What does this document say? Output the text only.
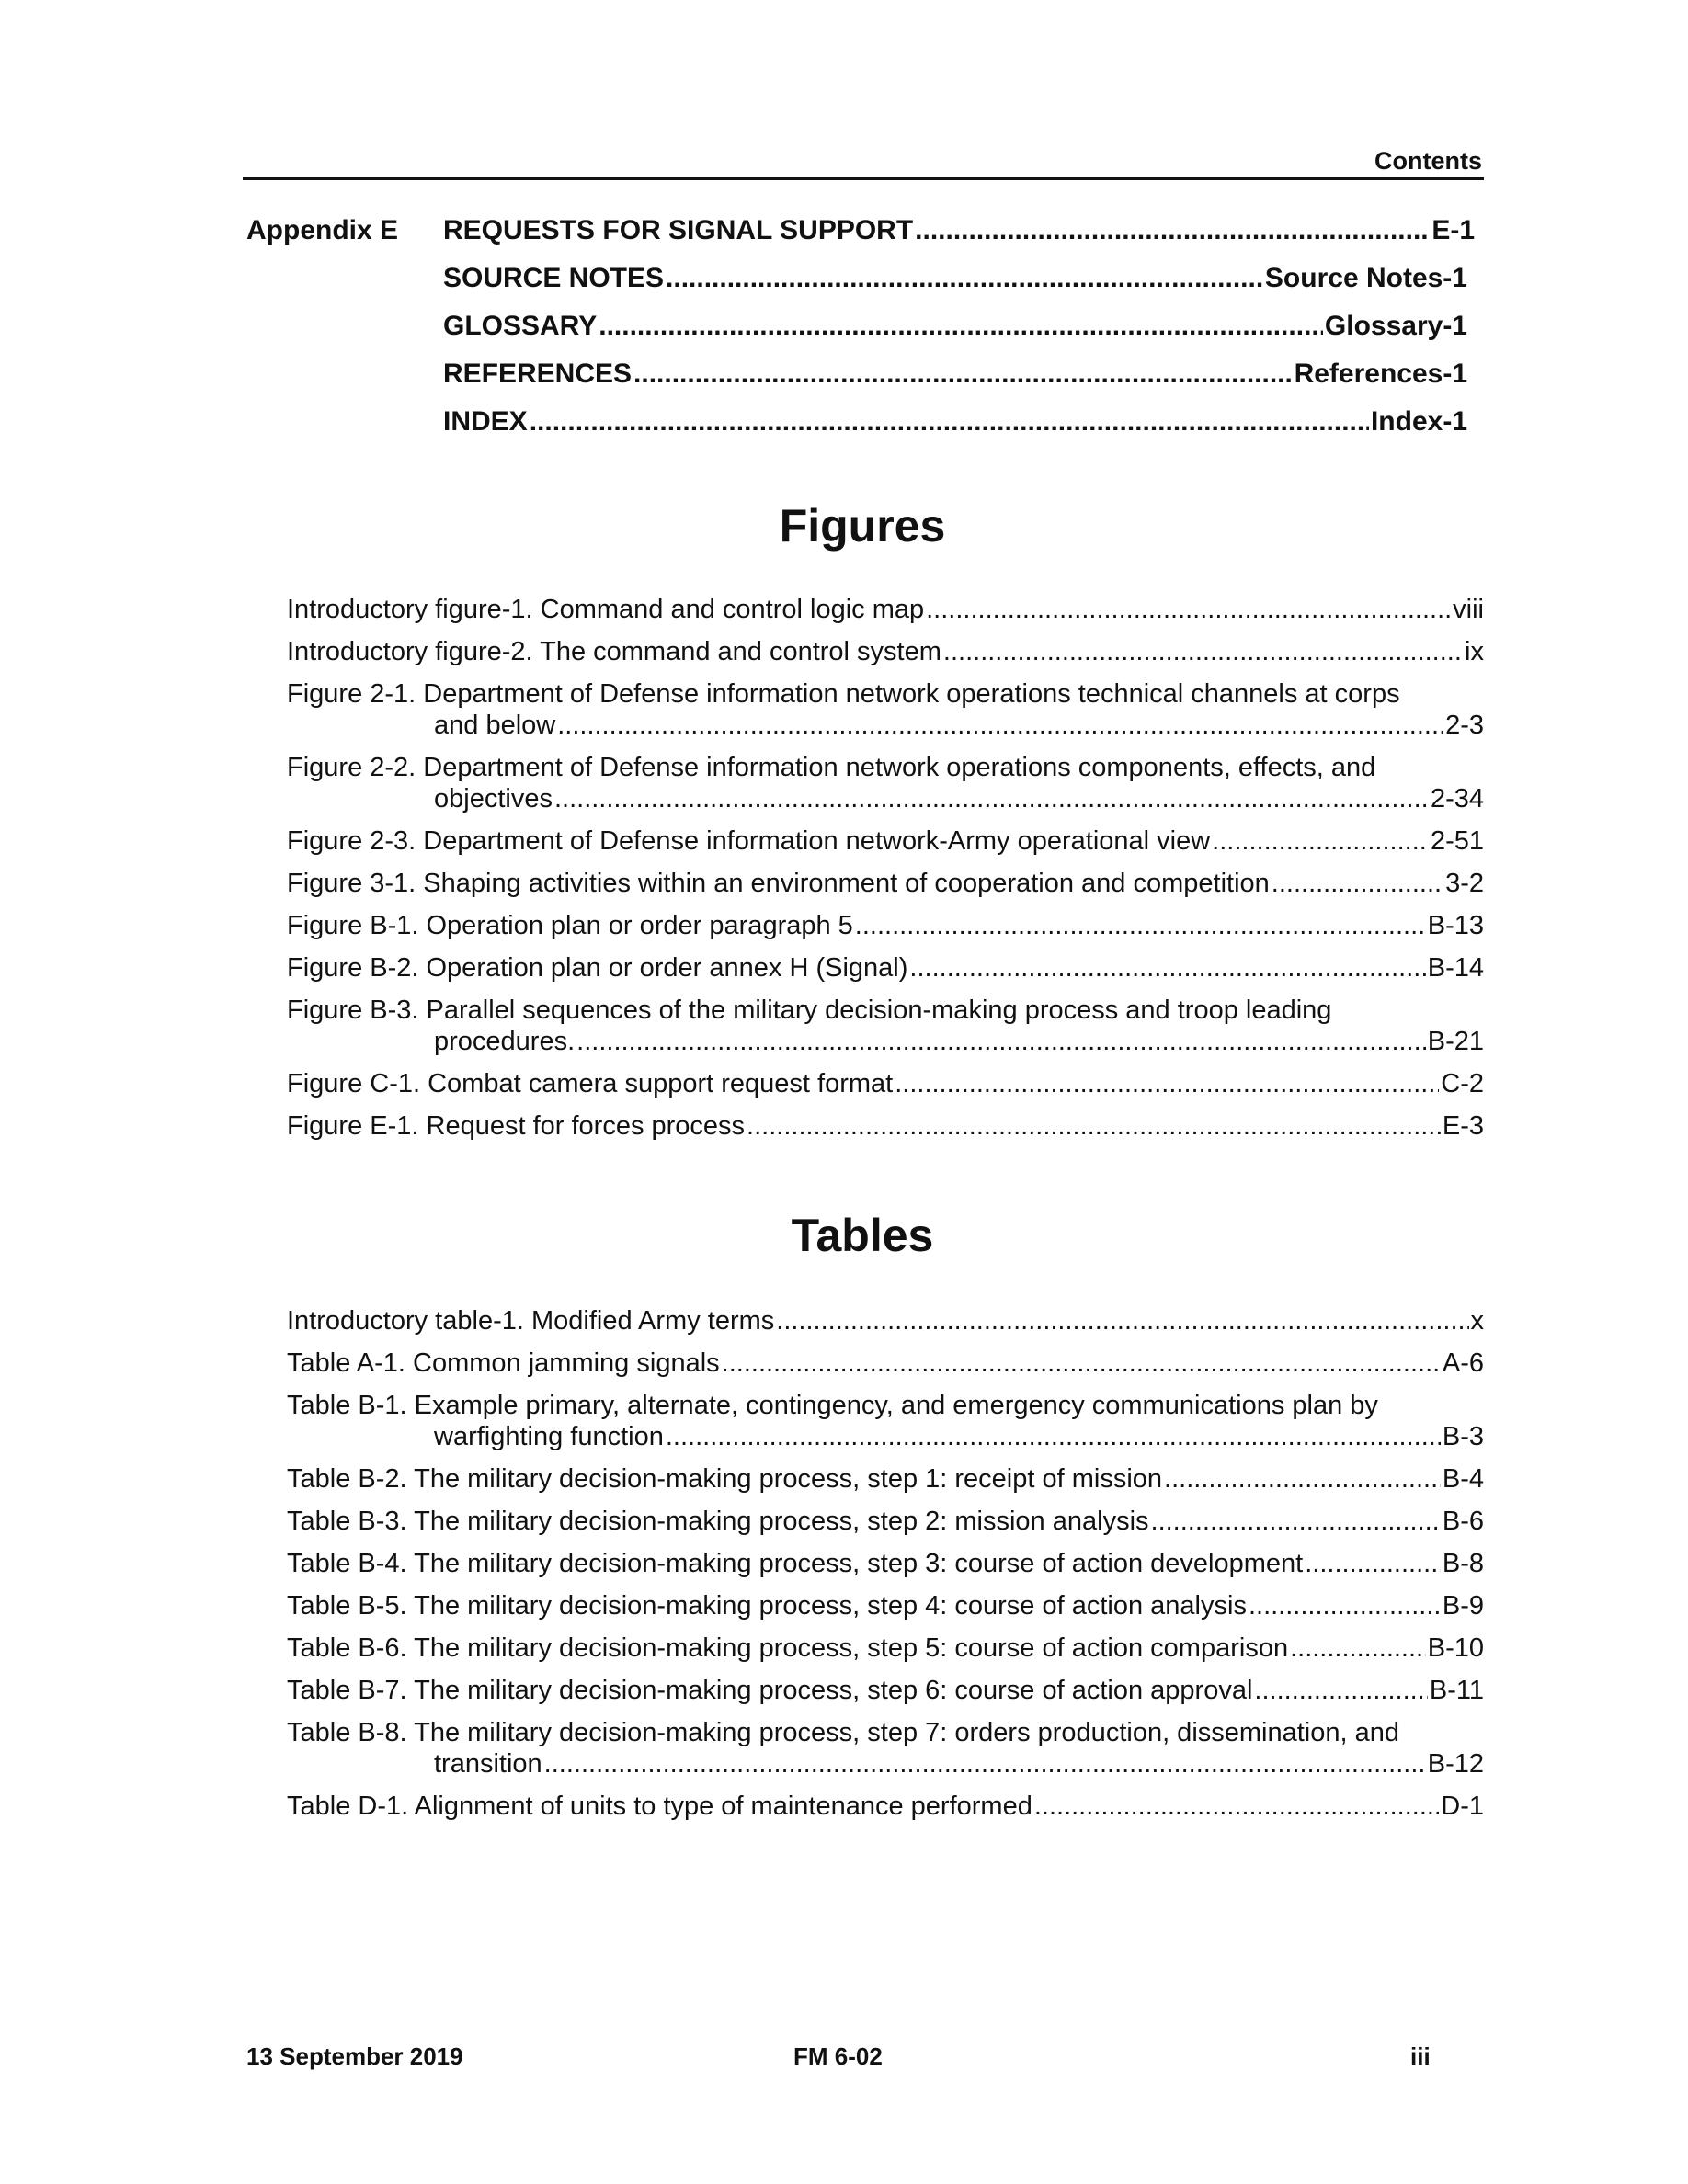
Contents
Appendix E REQUESTS FOR SIGNAL SUPPORT .....	E-1
SOURCE NOTES .....	Source Notes-1
GLOSSARY .....	Glossary-1
REFERENCES .....	References-1
INDEX .....	Index-1
Figures
Introductory figure-1. Command and control logic map .....	viii
Introductory figure-2. The command and control system .....	ix
Figure 2-1. Department of Defense information network operations technical channels at corps
and below .....	2-3
Figure 2-2. Department of Defense information network operations components, effects, and
objectives .....	2-34
Figure 2-3. Department of Defense information network-Army operational view .....	2-51
Figure 3-1. Shaping activities within an environment of cooperation and competition .....	3-2
Figure B-1. Operation plan or order paragraph 5 .....	B-13
Figure B-2. Operation plan or order annex H (Signal) .....	B-14
Figure B-3. Parallel sequences of the military decision-making process and troop leading
procedures. .....	B-21
Figure C-1. Combat camera support request format .....	C-2
Figure E-1. Request for forces process .....	E-3
Tables
Introductory table-1. Modified Army terms .....	x
Table A-1. Common jamming signals .....	A-6
Table B-1. Example primary, alternate, contingency, and emergency communications plan by
warfighting function .....	B-3
Table B-2. The military decision-making process, step 1: receipt of mission .....	B-4
Table B-3. The military decision-making process, step 2: mission analysis .....	B-6
Table B-4. The military decision-making process, step 3: course of action development .....	B-8
Table B-5. The military decision-making process, step 4: course of action analysis .....	B-9
Table B-6. The military decision-making process, step 5: course of action comparison .....	B-10
Table B-7. The military decision-making process, step 6: course of action approval .....	B-11
Table B-8. The military decision-making process, step 7: orders production, dissemination, and
transition .....	B-12
Table D-1. Alignment of units to type of maintenance performed .....	D-1
13 September 2019	FM 6-02	iii
